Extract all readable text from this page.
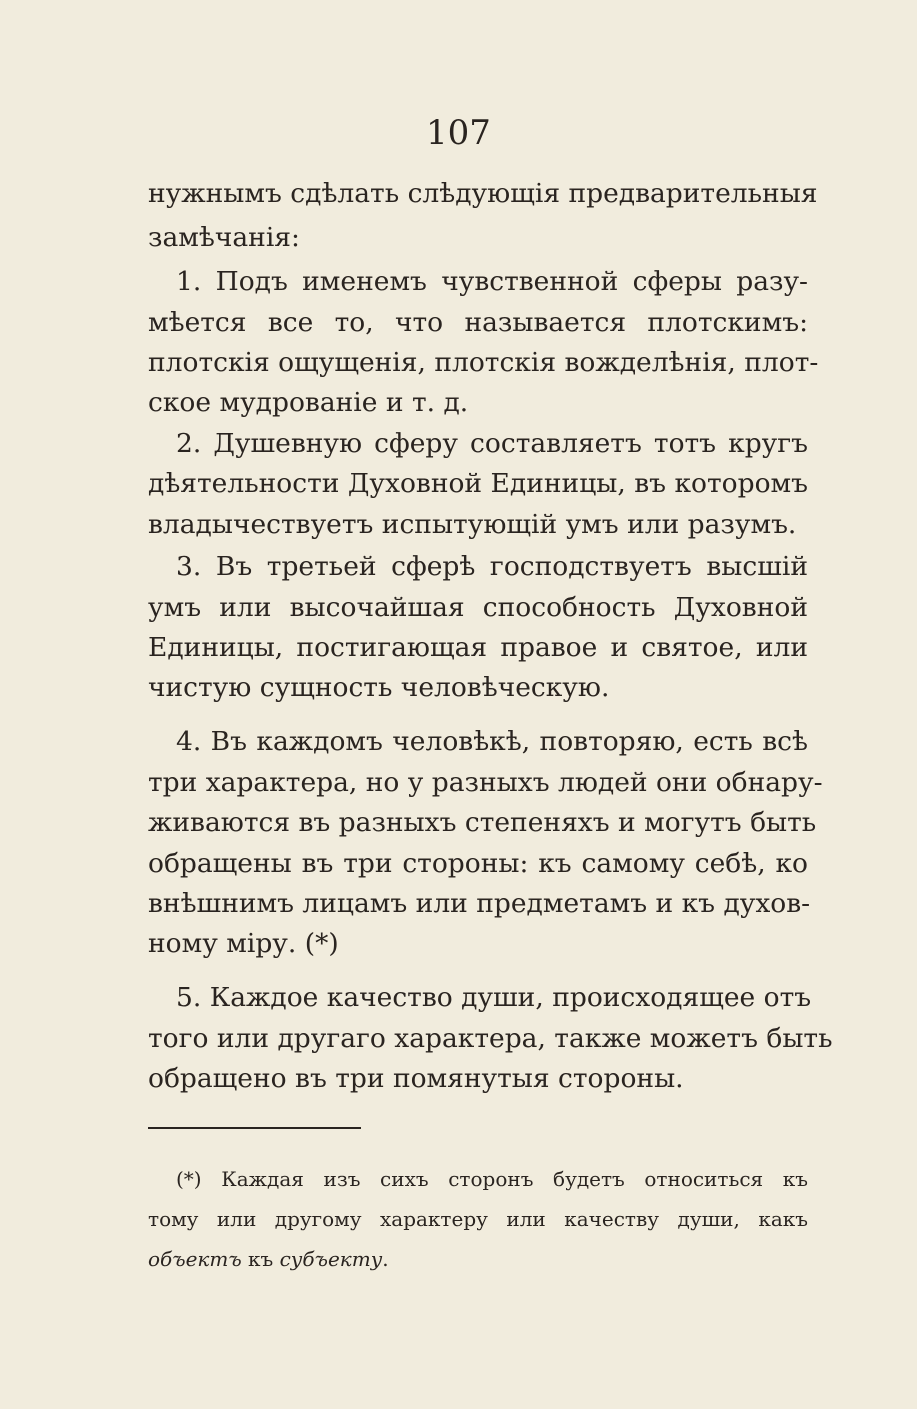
107
нужнымъ сдѣлать слѣдующія предварительныя
замѣчанія:
1. Подъ именемъ чувственной сферы разу-
мѣется все то, что называется плотскимъ:
плотскія ощущенія, плотскія вожделѣнія, плот-
ское мудрованіе и т. д.
2. Душевную сферу составляетъ тотъ кругъ
дѣятельности Духовной Единицы, въ которомъ
владычествуетъ испытующій умъ или разумъ.
3. Въ третьей сферѣ господствуетъ высшій
умъ или высочайшая способность Духовной
Единицы, постигающая правое и святое, или
чистую сущность человѣческую.
4. Въ каждомъ человѣкѣ, повторяю, есть всѣ
три характера, но у разныхъ людей они обнару-
живаются въ разныхъ степеняхъ и могутъ быть
обращены въ три стороны: къ самому себѣ, ко
внѣшнимъ лицамъ или предметамъ и къ духов-
ному міру. (*)
5. Каждое качество души, происходящее отъ
того или другаго характера, также можетъ быть
обращено въ три помянутыя стороны.
(*) Каждая изъ сихъ сторонъ будетъ относиться къ
тому или другому характеру или качеству души, какъ
объектъ къ субъекту.
